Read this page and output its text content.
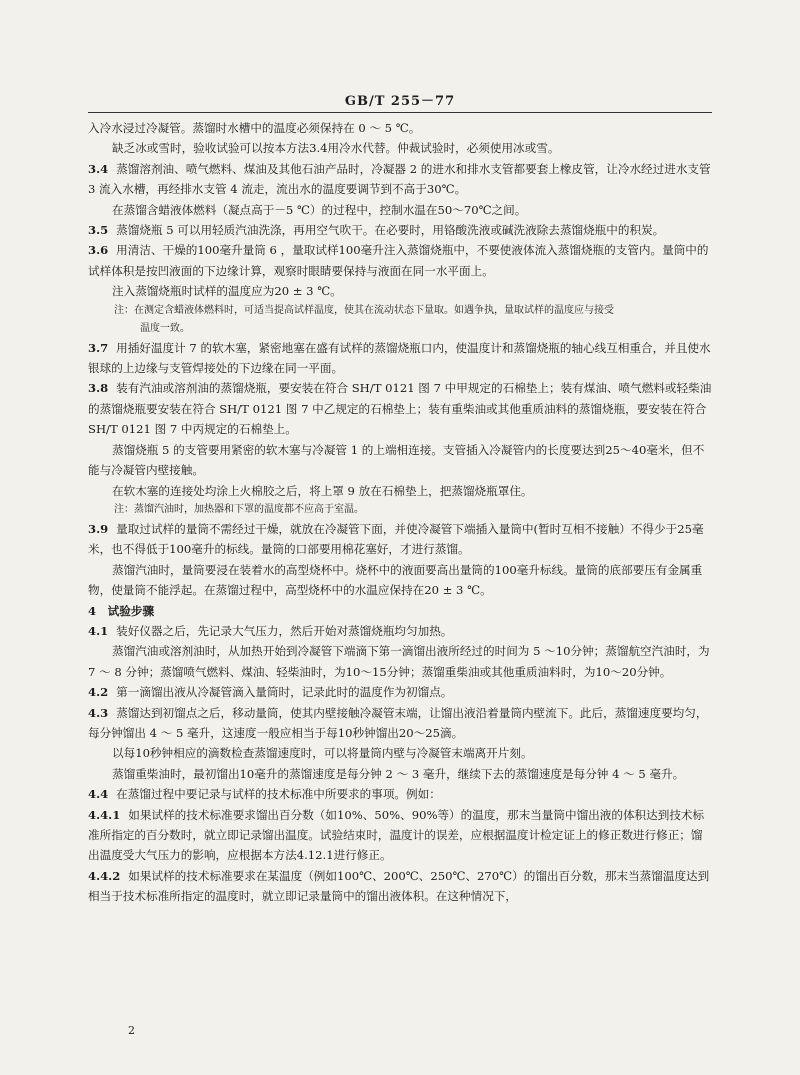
GB/T 255－77

入冷水浸过冷凝管。蒸馏时水槽中的温度必须保持在 0 ～ 5 ℃。

缺乏冰或雪时，验收试验可以按本方法3.4用冷水代替。仲裁试验时，必须使用冰或雪。

3.4 蒸馏溶剂油、喷气燃料、煤油及其他石油产品时，冷凝器 2 的进水和排水支管都要套上橡皮管，让冷水经过进水支管 3 流入水槽，再经排水支管 4 流走，流出水的温度要调节到不高于30℃。

在蒸馏含蜡液体燃料（凝点高于－5 ℃）的过程中，控制水温在50～70℃之间。

3.5 蒸馏烧瓶 5 可以用轻质汽油洗涤，再用空气吹干。在必要时，用铬酸洗液或碱洗液除去蒸馏烧瓶中的积炭。

3.6 用清洁、干燥的100毫升量筒 6 ，量取试样100毫升注入蒸馏烧瓶中，不要使液体流入蒸馏烧瓶的支管内。量筒中的试样体积是按凹液面的下边缘计算，观察时眼睛要保持与液面在同一水平面上。

注入蒸馏烧瓶时试样的温度应为20 ± 3 ℃。

注：在测定含蜡液体燃料时，可适当提高试样温度，使其在流动状态下量取。如遇争执，量取试样的温度应与接受

温度一致。

3.7 用插好温度计 7 的软木塞，紧密地塞在盛有试样的蒸馏烧瓶口内，使温度计和蒸馏烧瓶的轴心线互相重合，并且使水银球的上边缘与支管焊接处的下边缘在同一平面。

3.8 装有汽油或溶剂油的蒸馏烧瓶，要安装在符合 SH/T 0121 图 7 中甲规定的石棉垫上；装有煤油、喷气燃料或轻柴油的蒸馏烧瓶要安装在符合 SH/T 0121 图 7 中乙规定的石棉垫上；装有重柴油或其他重质油料的蒸馏烧瓶，要安装在符合 SH/T 0121 图 7 中丙规定的石棉垫上。

蒸馏烧瓶 5 的支管要用紧密的软木塞与冷凝管 1 的上端相连接。支管插入冷凝管内的长度要达到25～40毫米，但不能与冷凝管内壁接触。

在软木塞的连接处均涂上火棉胶之后，将上罩 9 放在石棉垫上，把蒸馏烧瓶罩住。

注：蒸馏汽油时，加热器和下罩的温度都不应高于室温。

3.9 量取过试样的量筒不需经过干燥，就放在冷凝管下面，并使冷凝管下端插入量筒中(暂时互相不接触）不得少于25毫米，也不得低于100毫升的标线。量筒的口部要用棉花塞好，才进行蒸馏。

蒸馏汽油时，量筒要浸在装着水的高型烧杯中。烧杯中的液面要高出量筒的100毫升标线。量筒的底部要压有金属重物，使量筒不能浮起。在蒸馏过程中，高型烧杯中的水温应保持在20 ± 3 ℃。

4　试验步骤

4.1 装好仪器之后，先记录大气压力，然后开始对蒸馏烧瓶均匀加热。

蒸馏汽油或溶剂油时，从加热开始到冷凝管下端滴下第一滴馏出液所经过的时间为 5 ～10分钟；蒸馏航空汽油时，为 7 ～ 8 分钟；蒸馏喷气燃料、煤油、轻柴油时，为10～15分钟；蒸馏重柴油或其他重质油料时，为10～20分钟。

4.2 第一滴馏出液从冷凝管滴入量筒时，记录此时的温度作为初馏点。

4.3 蒸馏达到初馏点之后，移动量筒，使其内壁接触冷凝管末端，让馏出液沿着量筒内壁流下。此后，蒸馏速度要均匀，每分钟馏出 4 ～ 5 毫升，这速度一般应相当于每10秒钟馏出20～25滴。

以每10秒钟相应的滴数检查蒸馏速度时，可以将量筒内壁与冷凝管末端离开片刻。

蒸馏重柴油时，最初馏出10毫升的蒸馏速度是每分钟 2 ～ 3 毫升，继续下去的蒸馏速度是每分钟 4 ～ 5 毫升。

4.4 在蒸馏过程中要记录与试样的技术标准中所要求的事项。例如：

4.4.1 如果试样的技术标准要求馏出百分数（如10%、50%、90%等）的温度，那末当量筒中馏出液的体积达到技术标准所指定的百分数时，就立即记录馏出温度。试验结束时，温度计的误差，应根据温度计检定证上的修正数进行修正；馏出温度受大气压力的影响，应根据本方法4.12.1进行修正。

4.4.2 如果试样的技术标准要求在某温度（例如100℃、200℃、250℃、270℃）的馏出百分数，那末当蒸馏温度达到相当于技术标准所指定的温度时，就立即记录量筒中的馏出液体积。在这种情况下，

2
